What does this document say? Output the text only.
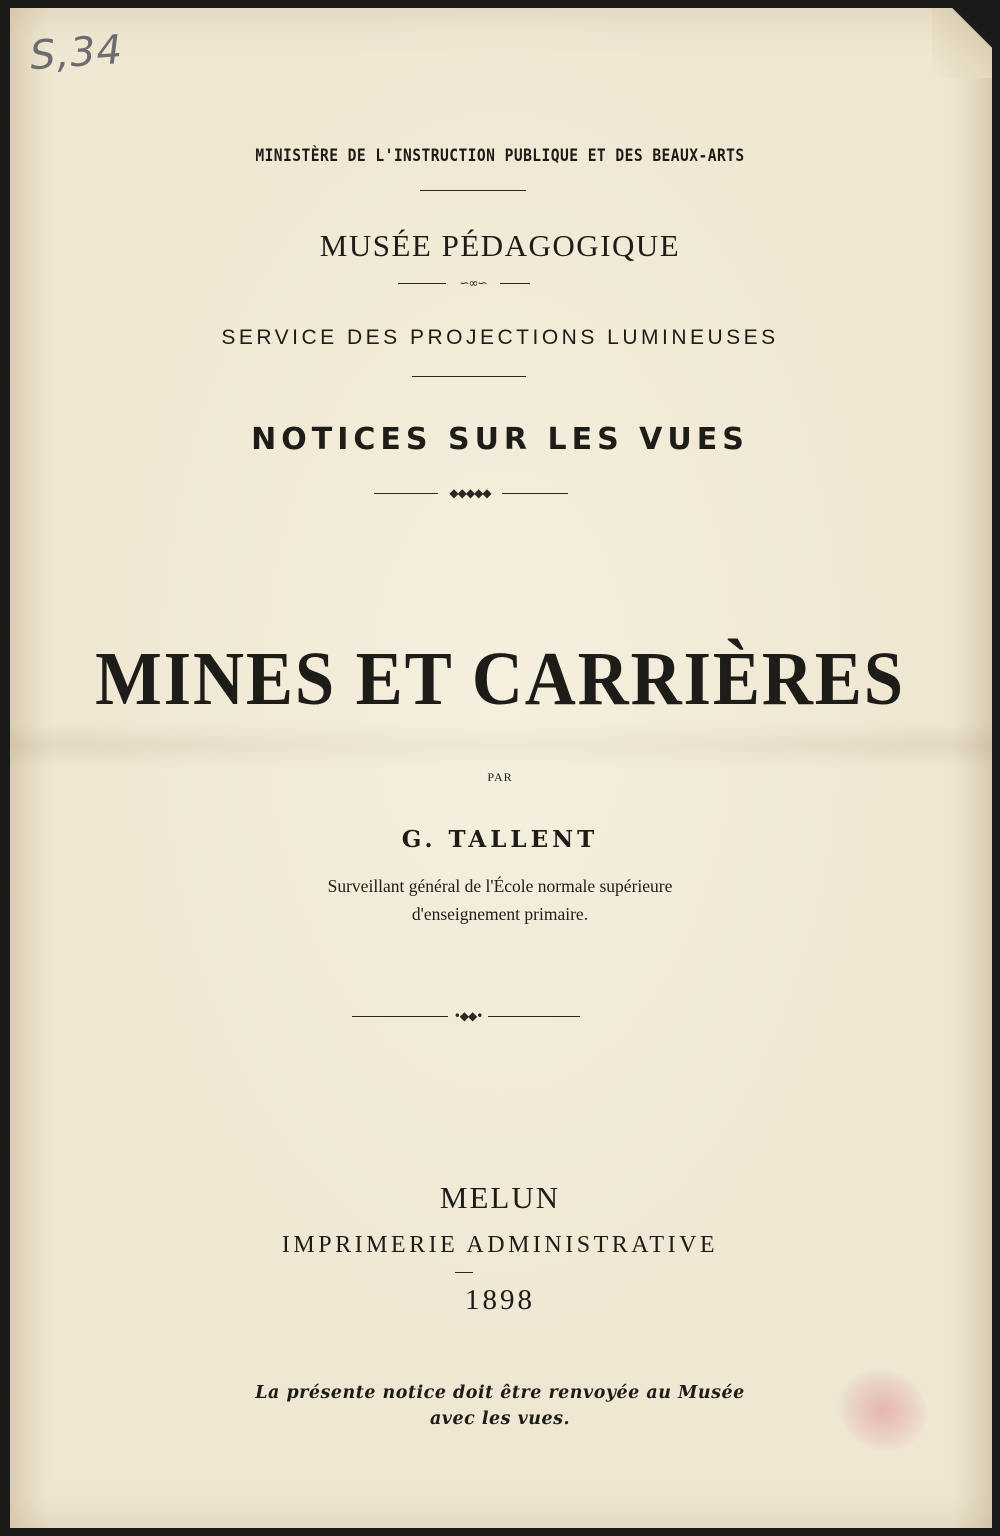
S,34
MINISTÈRE DE L'INSTRUCTION PUBLIQUE ET DES BEAUX-ARTS
MUSÉE PÉDAGOGIQUE
∽∞∽
SERVICE DES PROJECTIONS LUMINEUSES
NOTICES SUR LES VUES
◆◆◆◆◆
MINES ET CARRIÈRES
PAR
G. TALLENT
Surveillant général de l'École normale supérieure
d'enseignement primaire.
•◆◆•
MELUN
IMPRIMERIE ADMINISTRATIVE
1898
La présente notice doit être renvoyée au Musée
avec les vues.
